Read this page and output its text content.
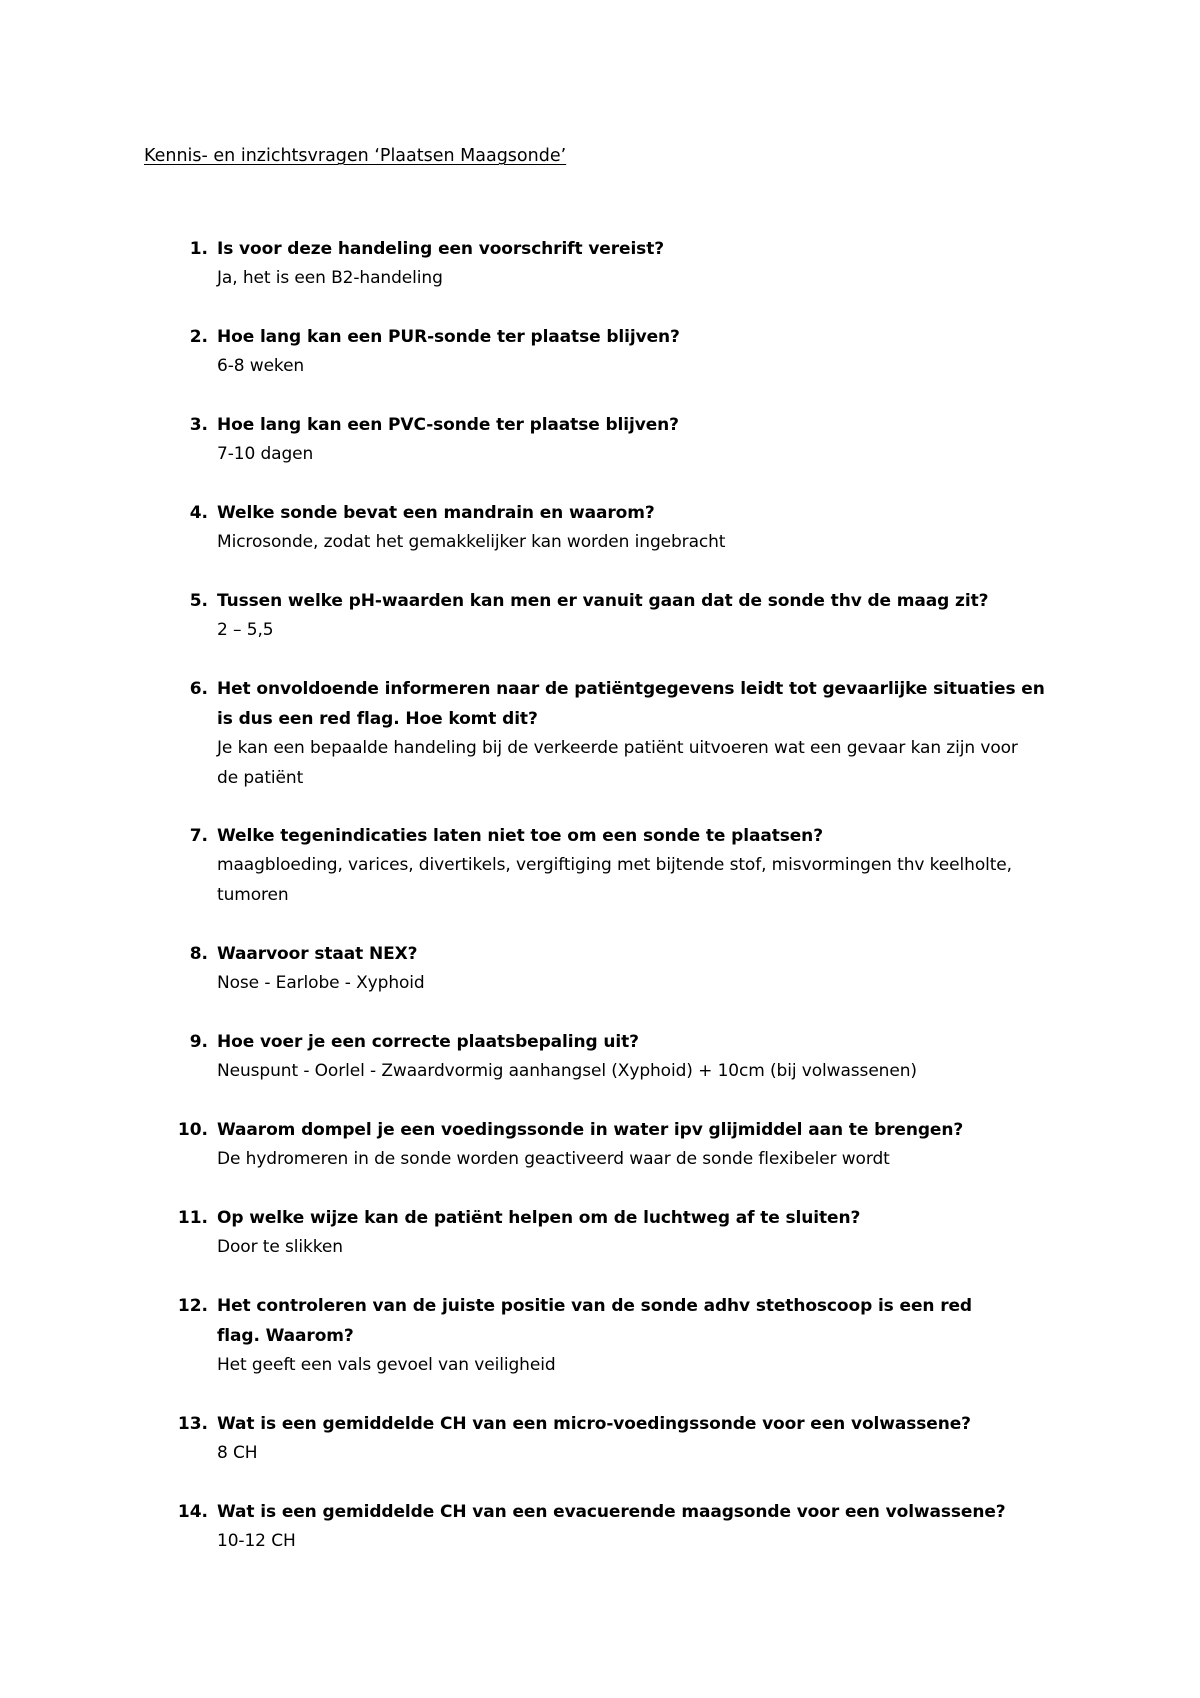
Kennis- en inzichtsvragen ‘Plaatsen Maagsonde’
1. Is voor deze handeling een voorschrift vereist?
Ja, het is een B2-handeling
2. Hoe lang kan een PUR-sonde ter plaatse blijven?
6-8 weken
3. Hoe lang kan een PVC-sonde ter plaatse blijven?
7-10 dagen
4. Welke sonde bevat een mandrain en waarom?
Microsonde, zodat het gemakkelijker kan worden ingebracht
5. Tussen welke pH-waarden kan men er vanuit gaan dat de sonde thv de maag zit?
2 – 5,5
6. Het onvoldoende informeren naar de patiëntgegevens leidt tot gevaarlijke situaties en is dus een red flag. Hoe komt dit?
Je kan een bepaalde handeling bij de verkeerde patiënt uitvoeren wat een gevaar kan zijn voor de patiënt
7. Welke tegenindicaties laten niet toe om een sonde te plaatsen?
maagbloeding, varices, divertikels, vergiftiging met bijtende stof, misvormingen thv keelholte, tumoren
8. Waarvoor staat NEX?
Nose - Earlobe - Xyphoid
9. Hoe voer je een correcte plaatsbepaling uit?
Neuspunt - Oorlel - Zwaardvormig aanhangsel (Xyphoid) + 10cm (bij volwassenen)
10. Waarom dompel je een voedingssonde in water ipv glijmiddel aan te brengen?
De hydromeren in de sonde worden geactiveerd waar de sonde flexibeler wordt
11. Op welke wijze kan de patiënt helpen om de luchtweg af te sluiten?
Door te slikken
12. Het controleren van de juiste positie van de sonde adhv stethoscoop is een red flag. Waarom?
Het geeft een vals gevoel van veiligheid
13. Wat is een gemiddelde CH van een micro-voedingssonde voor een volwassene?
8 CH
14. Wat is een gemiddelde CH van een evacuerende maagsonde voor een volwassene?
10-12 CH
